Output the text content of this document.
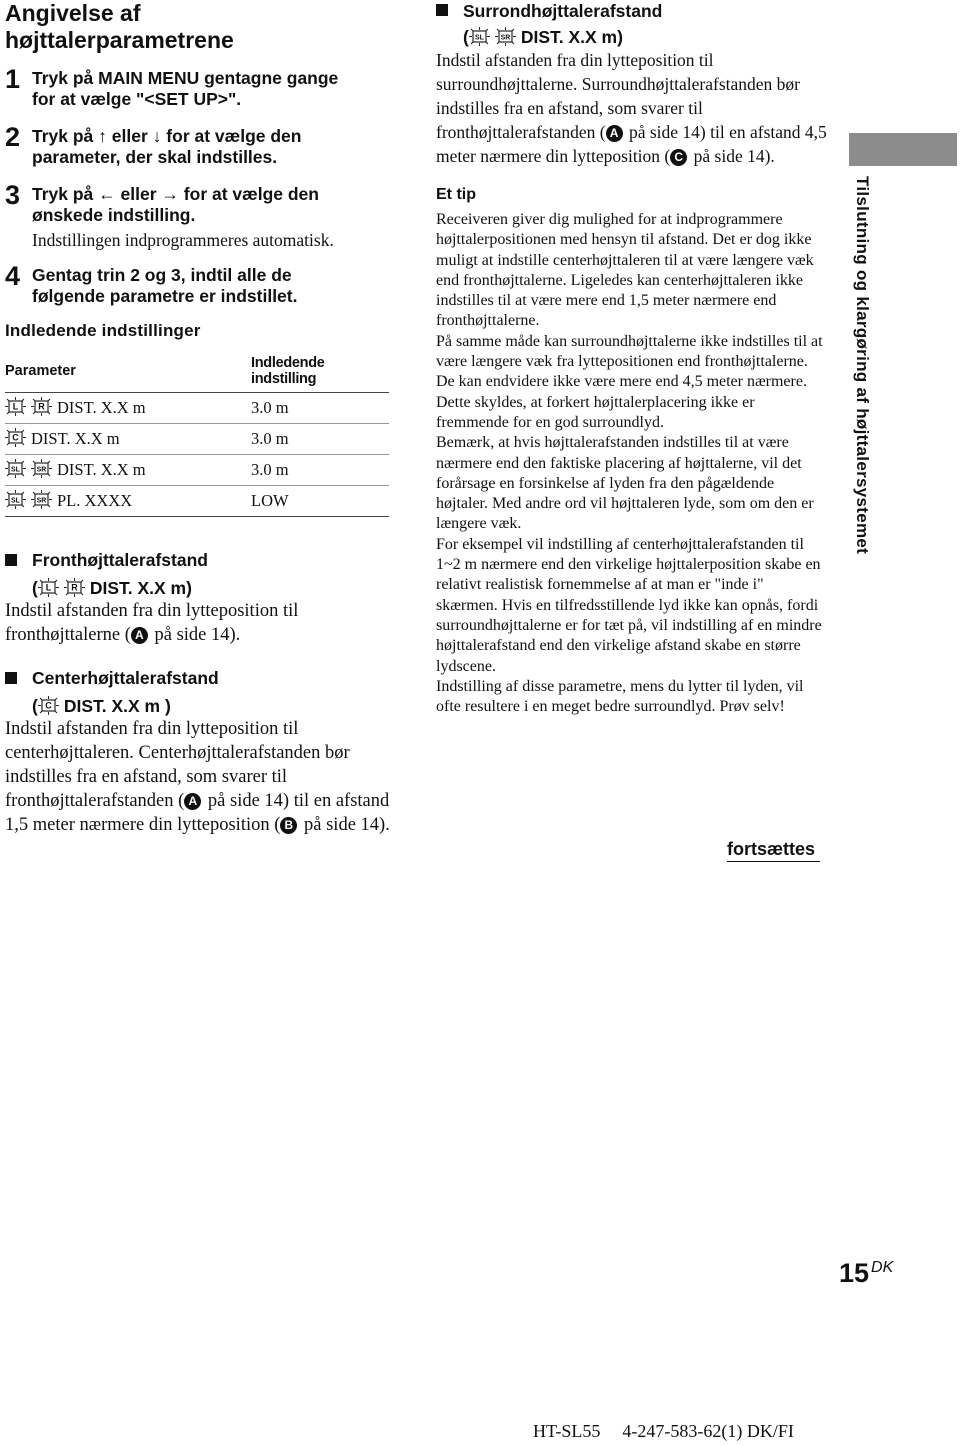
Angivelse af
højttalerparametrene
1 Tryk på MAIN MENU gentagne gange
for at vælge "<SET UP>".
2 Tryk på ↑ eller ↓ for at vælge den
parameter, der skal indstilles.
3 Tryk på ← eller → for at vælge den
ønskede indstilling.
Indstillingen indprogrammeres automatisk.
4 Gentag trin 2 og 3, indtil alle de
følgende parametre er indstillet.
Indledende indstillinger
Parameter	Indledende indstilling

L R DIST. X.X m	3.0 m

C DIST. X.X m	3.0 m

SL SR DIST. X.X m	3.0 m

SL SR PL. XXXX	LOW
Fronthøjttalerafstand
( L R DIST. X.X m)
Indstil afstanden fra din lytteposition til fronthøjttalerne ( A på side 14).
Centerhøjttalerafstand
( C DIST. X.X m )
Indstil afstanden fra din lytteposition til centerhøjttaleren. Centerhøjttalerafstanden bør indstilles fra en afstand, som svarer til fronthøjttalerafstanden ( A på side 14) til en afstand 1,5 meter nærmere din lytteposition ( B på side 14).
Surrondhøjttalerafstand
( SL SR DIST. X.X m)
Indstil afstanden fra din lytteposition til surroundhøjttalerne. Surroundhøjttalerafstanden bør indstilles fra en afstand, som svarer til fronthøjttalerafstanden ( A på side 14) til en afstand 4,5 meter nærmere din lytteposition ( C på side 14).
Et tip

Receiveren giver dig mulighed for at indprogrammere højttalerpositionen med hensyn til afstand. Det er dog ikke muligt at indstille centerhøjttaleren til at være længere væk end fronthøjttalerne. Ligeledes kan centerhøjttaleren ikke indstilles til at være mere end 1,5 meter nærmere end fronthøjttalerne.

På samme måde kan surroundhøjttalerne ikke indstilles til at være længere væk fra lyttepositionen end fronthøjttalerne. De kan endvidere ikke være mere end 4,5 meter nærmere.

Dette skyldes, at forkert højttalerplacering ikke er fremmende for en god surroundlyd.

Bemærk, at hvis højttalerafstanden indstilles til at være nærmere end den faktiske placering af højttalerne, vil det forårsage en forsinkelse af lyden fra den pågældende højtaler. Med andre ord vil højttaleren lyde, som om den er længere væk.

For eksempel vil indstilling af centerhøjttalerafstanden til 1~2 m nærmere end den virkelige højttalerposition skabe en relativt realistisk fornemmelse af at man er "inde i" skærmen. Hvis en tilfredsstillende lyd ikke kan opnås, fordi surroundhøjttalerne er for tæt på, vil indstilling af en mindre højttalerafstand end den virkelige afstand skabe en større lydscene.

Indstilling af disse parametre, mens du lytter til lyden, vil ofte resultere i en meget bedre surroundlyd. Prøv selv!

fortsættes
Tilslutning og klargøring af højttalersystemet
15 $^{DK}$
HT-SL55 4-247-583-62(1) DK/FI
